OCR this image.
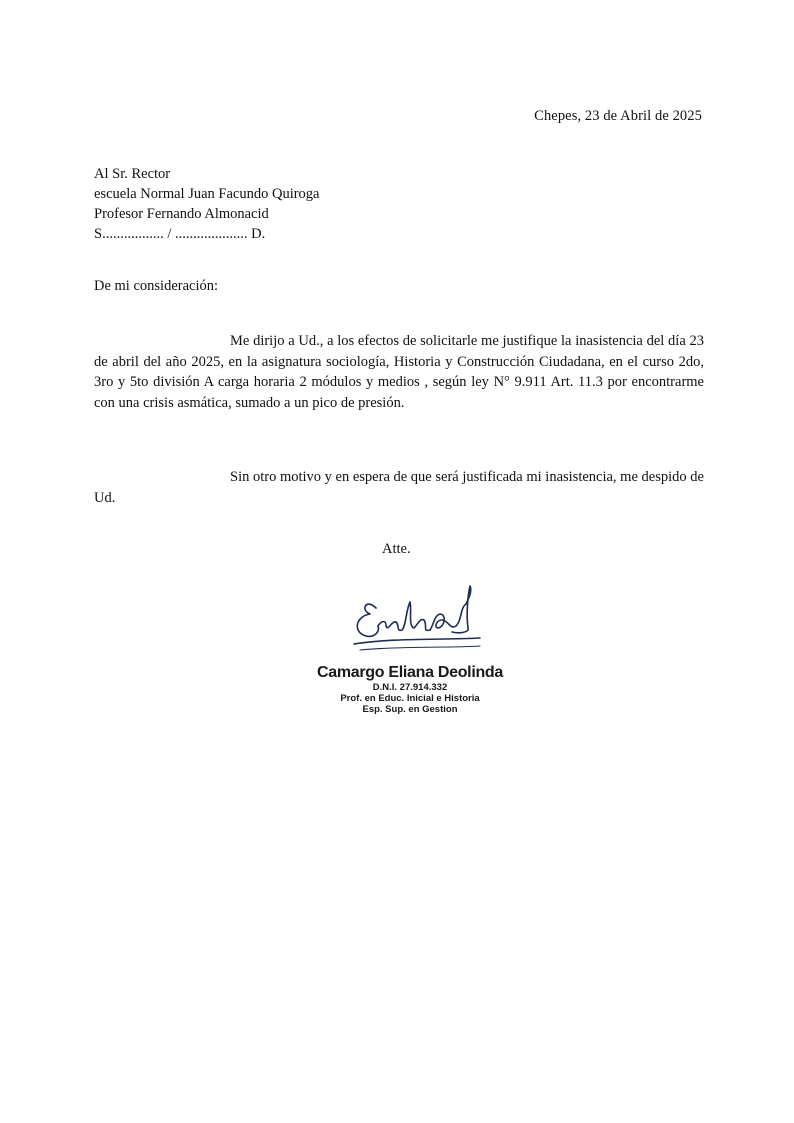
Chepes, 23 de Abril de 2025
Al Sr. Rector
escuela Normal Juan Facundo Quiroga
Profesor Fernando Almonacid
S................. / .................... D.
De mi consideración:
Me dirijo a Ud., a los efectos de solicitarle me justifique la inasistencia del día 23 de abril del año 2025, en la asignatura sociología, Historia y Construcción Ciudadana, en el curso 2do, 3ro y 5to división A carga horaria 2 módulos y medios , según ley N° 9.911 Art. 11.3 por encontrarme con una crisis asmática, sumado a un pico de presión.
Sin otro motivo y en espera de que será justificada mi inasistencia, me despido de Ud.
Atte.
Camargo Eliana Deolinda
D.N.I. 27.914.332
Prof. en Educ. Inicial e Historia
Esp. Sup. en Gestion
